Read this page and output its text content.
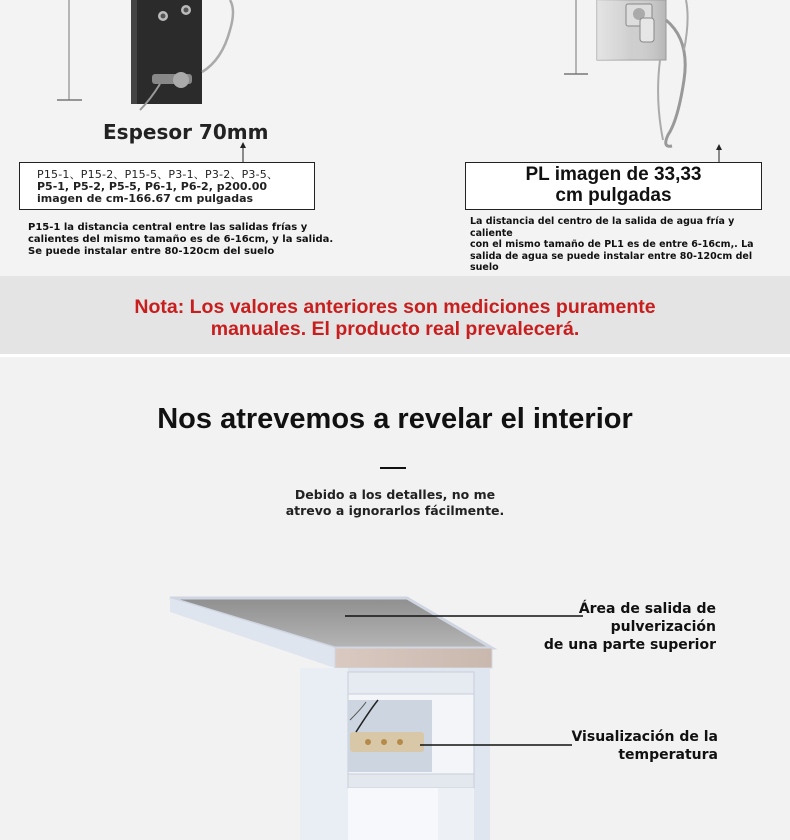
Espesor 70mm
P15-1、P15-2、P15-5、P3-1、P3-2、P3-5、
P5-1, P5-2, P5-5, P6-1, P6-2, p200.00
imagen de cm-166.67 cm pulgadas
P15-1 la distancia central entre las salidas frías y
calientes del mismo tamaño es de 6-16cm, y la salida.
Se puede instalar entre 80-120cm del suelo
PL imagen de 33,33
cm pulgadas
La distancia del centro de la salida de agua fría y caliente
con el mismo tamaño de PL1 es de entre 6-16cm,. La
salida de agua se puede instalar entre 80-120cm del suelo
Nota: Los valores anteriores son mediciones puramente
manuales. El producto real prevalecerá.
Nos atrevemos a revelar el interior
Debido a los detalles, no me
atrevo a ignorarlos fácilmente.
Área de salida de pulverización
de una parte superior
Visualización de la
temperatura
